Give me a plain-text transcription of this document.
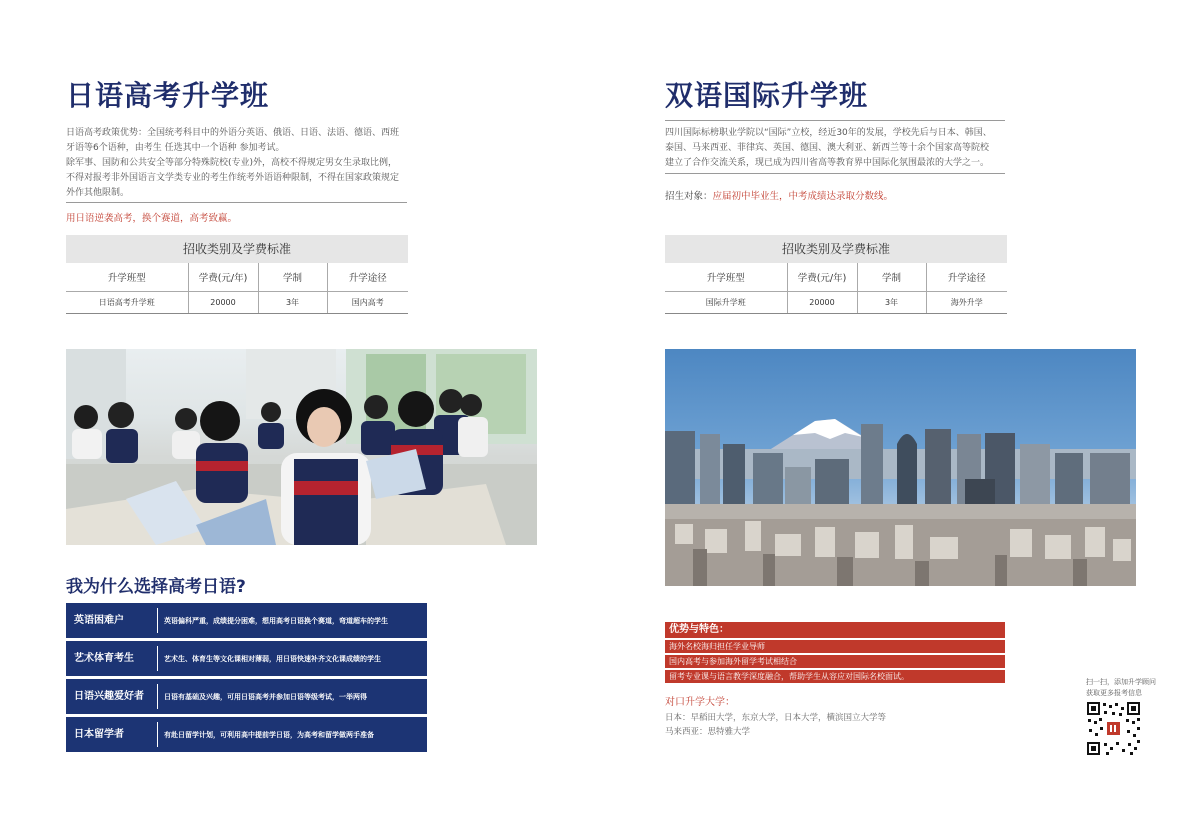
日语高考升学班
日语高考政策优势：全国统考科目中的外语分英语、俄语、日语、法语、德语、西班
牙语等6个语种，由考生 任选其中一个语种 参加考试。
除军事、国防和公共安全等部分特殊院校(专业)外，高校不得规定男女生录取比例，
不得对报考非外国语言文学类专业的考生作统考外语语种限制，不得在国家政策规定
外作其他限制。
用日语逆袭高考，换个赛道，高考致赢。
招收类别及学费标准
升学班型	学费(元/年)	学制	升学途径
日语高考升学班	20000	3年	国内高考
我为什么选择高考日语?
英语困难户	英语偏科严重，成绩提分困难，想用高考日语换个赛道，弯道超车的学生
艺术体育考生	艺术生、体育生等文化课相对薄弱，用日语快速补齐文化课成绩的学生
日语兴趣爱好者	日语有基础及兴趣，可用日语高考并参加日语等级考试，一举两得
日本留学者	有赴日留学计划，可利用高中提前学日语，为高考和留学做两手准备
双语国际升学班
四川国际标榜职业学院以“国际”立校，经近30年的发展，学校先后与日本、韩国、
泰国、马来西亚、菲律宾、英国、德国、澳大利亚、新西兰等十余个国家高等院校
建立了合作交流关系，现已成为四川省高等教育界中国际化氛围最浓的大学之一。
招生对象：应届初中毕业生，中考成绩达录取分数线。
招收类别及学费标准
升学班型	学费(元/年)	学制	升学途径
国际升学班	20000	3年	海外升学
优势与特色：
海外名校海归担任学业导师
国内高考与参加海外留学考试相结合
留考专业课与语言教学深度融合，帮助学生从容应对国际名校面试。
对口升学大学：
日本：早稻田大学，东京大学，日本大学，横滨国立大学等
马来西亚：思特雅大学
扫一扫，添加升学顾问
获取更多报考信息
